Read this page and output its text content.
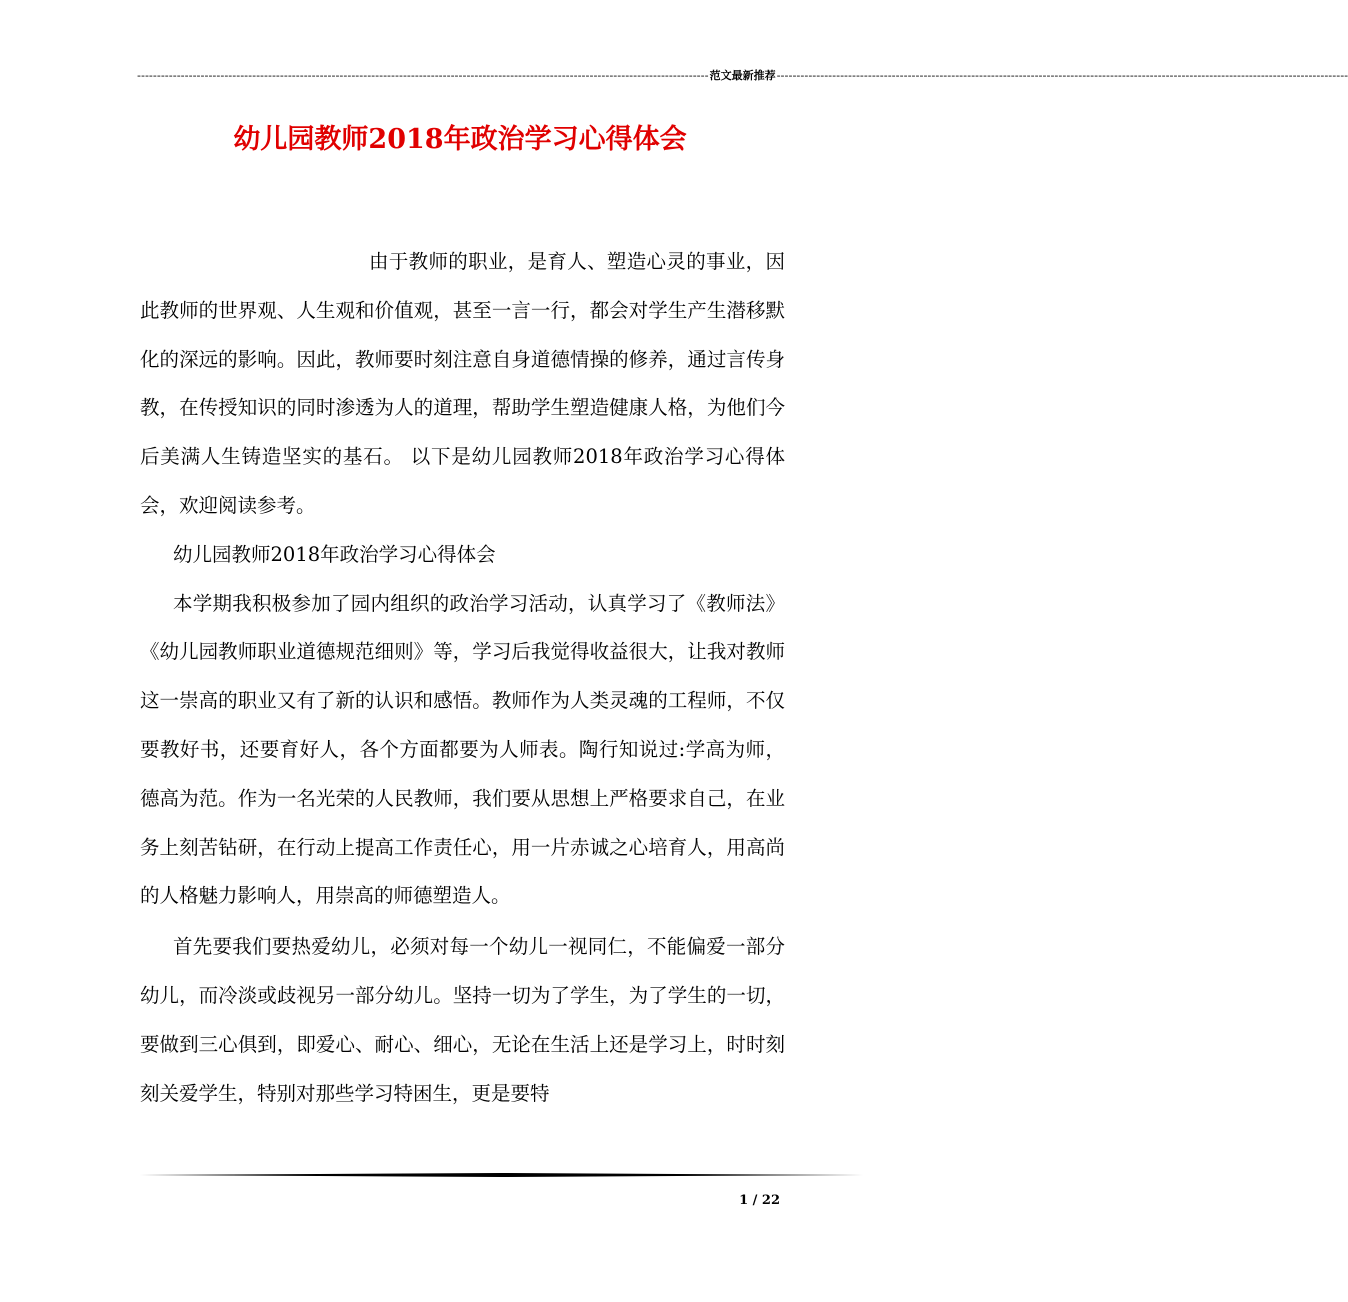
------------------------------------------------------------------------------------------------------------------------------------------------ 范文最新推荐 ------------------------------------------------------------------------------------------------------------------------------------------------
幼儿园教师2018年政治学习心得体会

由于教师的职业，是育人、塑造心灵的事业，因此教师的世界观、人生观和价值观，甚至一言一行，都会对学生产生潜移默化的深远的影响。因此，教师要时刻注意自身道德情操的修养，通过言传身教，在传授知识的同时渗透为人的道理，帮助学生塑造健康人格，为他们今后美满人生铸造坚实的基石。 以下是幼儿园教师2018年政治学习心得体会，欢迎阅读参考。

幼儿园教师2018年政治学习心得体会

本学期我积极参加了园内组织的政治学习活动，认真学习了《教师法》《幼儿园教师职业道德规范细则》等，学习后我觉得收益很大，让我对教师这一崇高的职业又有了新的认识和感悟。教师作为人类灵魂的工程师，不仅要教好书，还要育好人，各个方面都要为人师表。陶行知说过:学高为师，德高为范。作为一名光荣的人民教师，我们要从思想上严格要求自己，在业务上刻苦钻研，在行动上提高工作责任心，用一片赤诚之心培育人，用高尚的人格魅力影响人，用崇高的师德塑造人。

首先要我们要热爱幼儿，必须对每一个幼儿一视同仁，不能偏爱一部分幼儿，而冷淡或歧视另一部分幼儿。坚持一切为了学生，为了学生的一切，要做到三心俱到，即爱心、耐心、细心，无论在生活上还是学习上，时时刻刻关爱学生，特别对那些学习特困生，更是要特

1 / 22
